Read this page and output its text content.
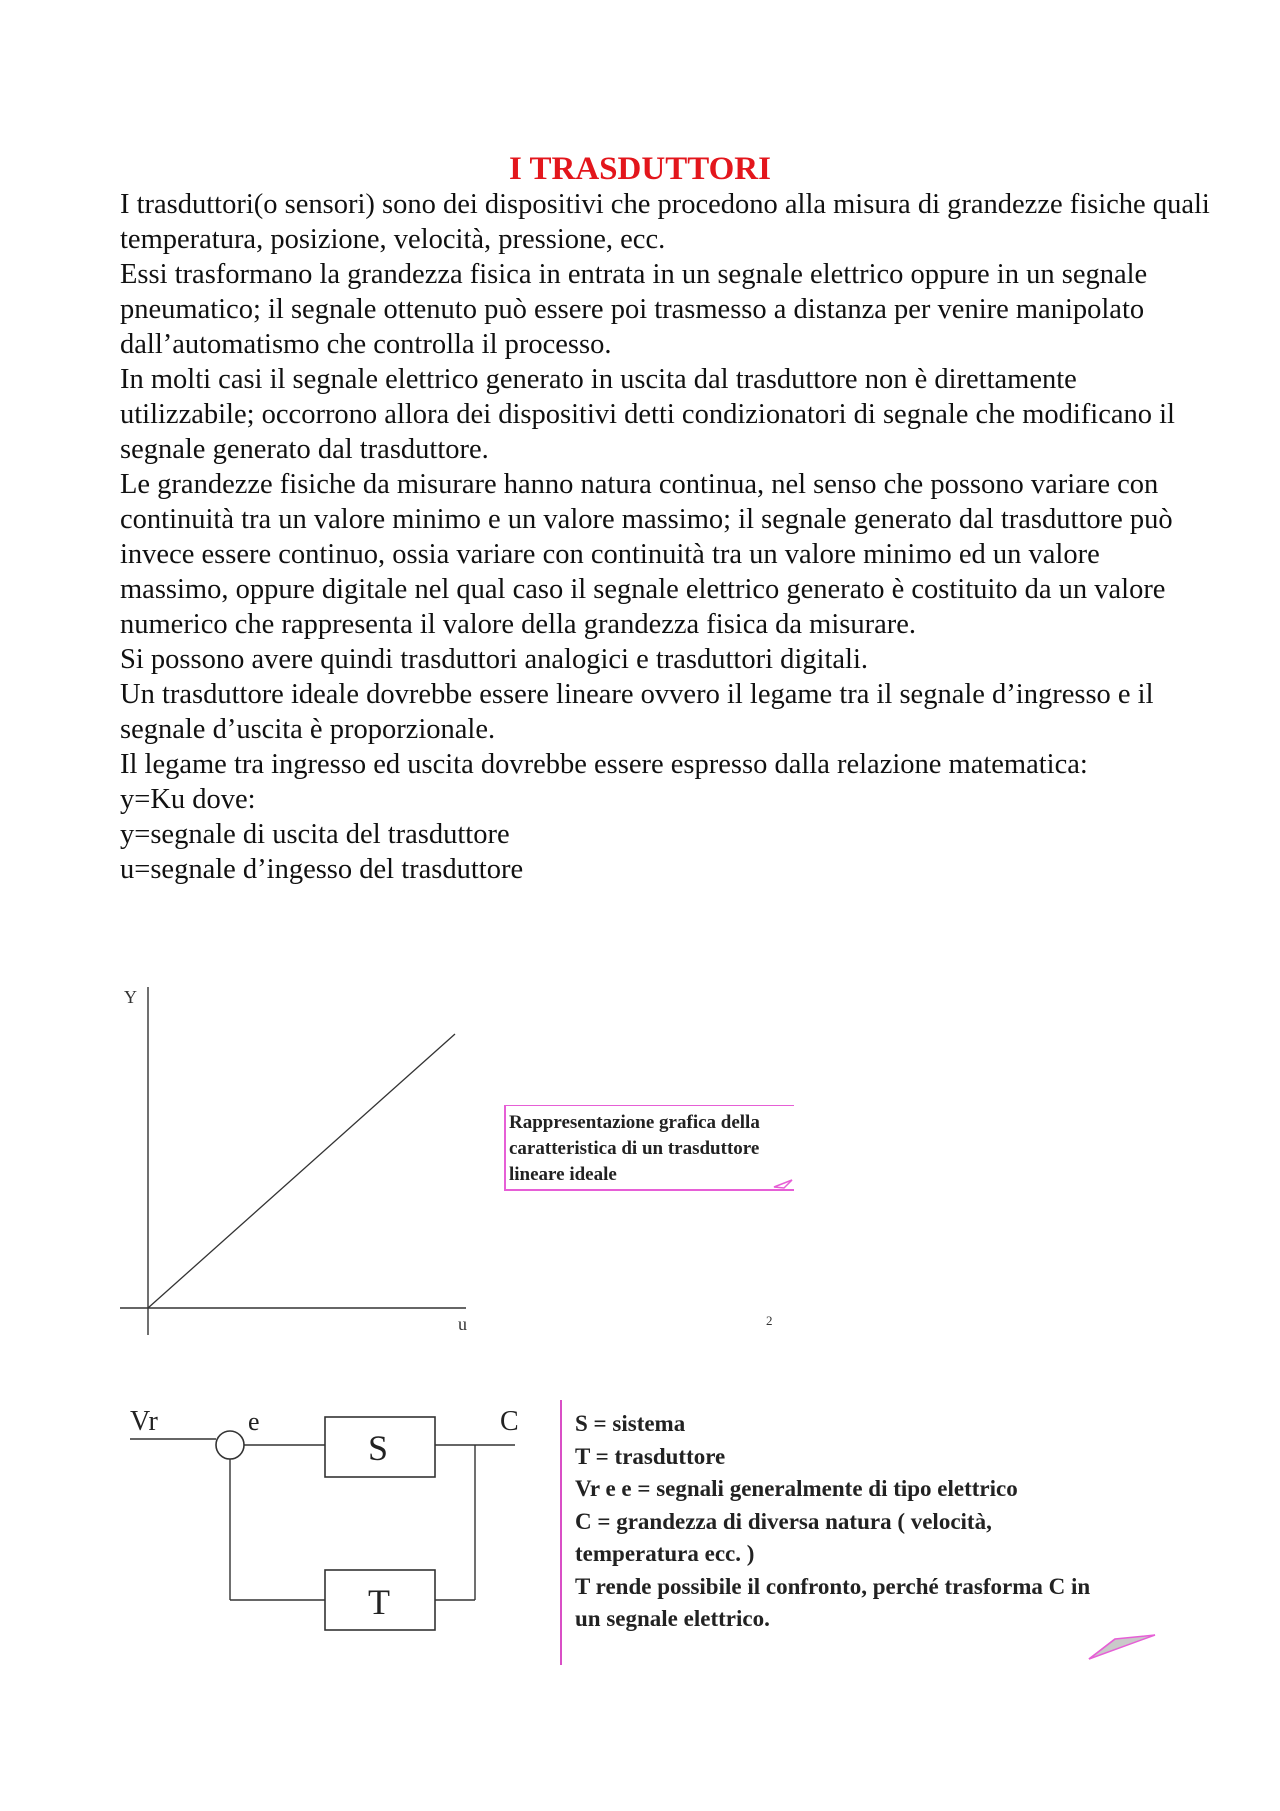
I TRASDUTTORI

I trasduttori(o sensori) sono dei dispositivi che procedono alla misura di grandezze fisiche quali temperatura, posizione, velocità, pressione, ecc.

Essi trasformano la grandezza fisica in entrata in un segnale elettrico oppure in un segnale pneumatico; il segnale ottenuto può essere poi trasmesso a distanza per venire manipolato dall’automatismo che controlla il processo.

In molti casi il segnale elettrico generato in uscita dal trasduttore non è direttamente utilizzabile; occorrono allora dei dispositivi detti condizionatori di segnale che modificano il segnale generato dal trasduttore.

Le grandezze fisiche da misurare hanno natura continua, nel senso che possono variare con continuità tra un valore minimo e un valore massimo; il segnale generato dal trasduttore può invece essere continuo, ossia variare con continuità tra un valore minimo ed un valore massimo, oppure digitale nel qual caso il segnale elettrico generato è costituito da un valore numerico che rappresenta il valore della grandezza fisica da misurare.

Si possono avere quindi trasduttori analogici e trasduttori digitali.

Un trasduttore ideale dovrebbe essere lineare ovvero il legame tra il segnale d’ingresso e il segnale d’uscita è proporzionale.

Il legame tra ingresso ed uscita dovrebbe essere espresso dalla relazione matematica:

y=Ku dove:

y=segnale di uscita del trasduttore

u=segnale d’ingesso del trasduttore

Y
u

Rappresentazione grafica della

caratteristica di un trasduttore

lineare ideale

2
Vr	e
S
C
T

S = sistema

T = trasduttore

Vr e e = segnali generalmente di tipo elettrico

C = grandezza di diversa natura ( velocità,

temperatura ecc. )

T rende possibile il confronto, perché trasforma C in

un segnale elettrico.
